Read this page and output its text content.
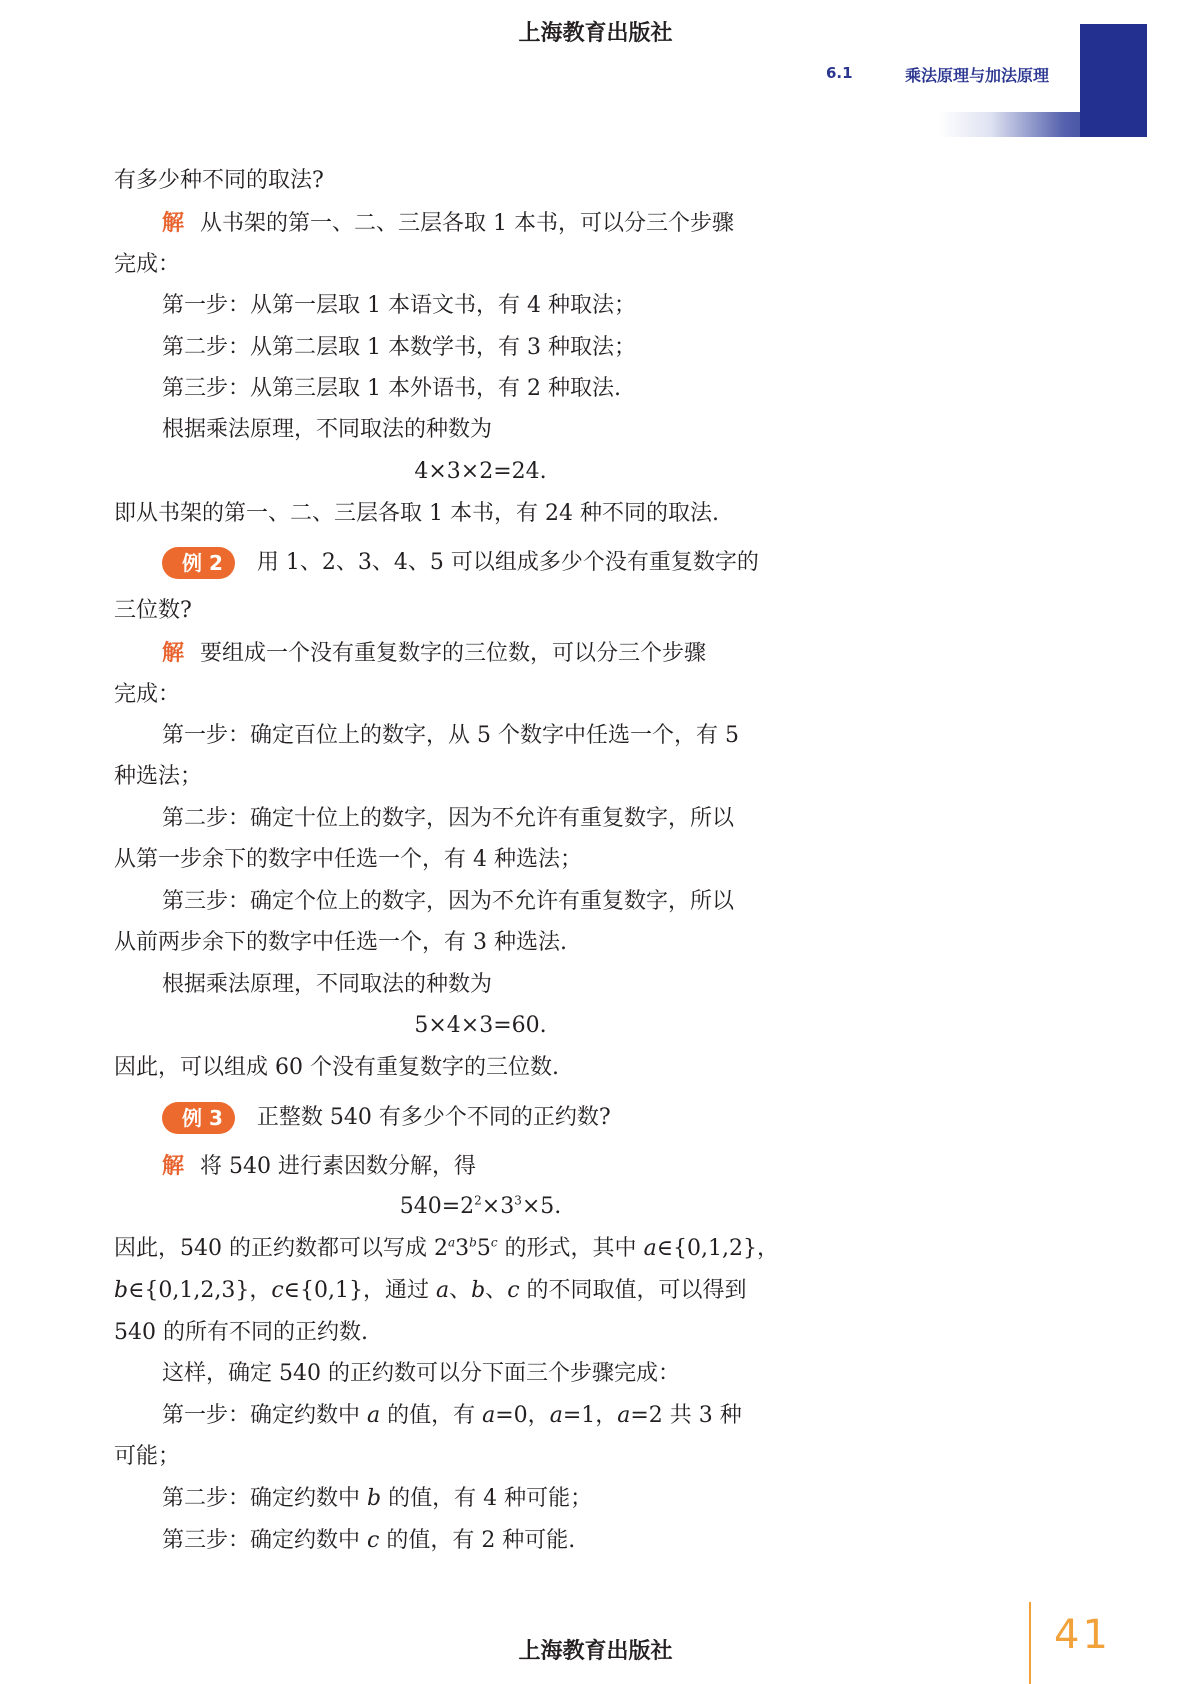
上海教育出版社
6.1	乘法原理与加法原理
有多少种不同的取法?
解 从书架的第一、二、三层各取 1 本书，可以分三个步骤
完成：
第一步：从第一层取 1 本语文书，有 4 种取法；
第二步：从第二层取 1 本数学书，有 3 种取法；
第三步：从第三层取 1 本外语书，有 2 种取法.
根据乘法原理，不同取法的种数为
4×3×2=24.
即从书架的第一、二、三层各取 1 本书，有 24 种不同的取法.
例 2 用 1、2、3、4、5 可以组成多少个没有重复数字的
三位数?
解 要组成一个没有重复数字的三位数，可以分三个步骤
完成：
第一步：确定百位上的数字，从 5 个数字中任选一个，有 5
种选法；
第二步：确定十位上的数字，因为不允许有重复数字，所以
从第一步余下的数字中任选一个，有 4 种选法；
第三步：确定个位上的数字，因为不允许有重复数字，所以
从前两步余下的数字中任选一个，有 3 种选法.
根据乘法原理，不同取法的种数为
5×4×3=60.
因此，可以组成 60 个没有重复数字的三位数.
例 3 正整数 540 有多少个不同的正约数?
解 将 540 进行素因数分解，得
$540=2^2\times 3^3\times 5$.
因此，540 的正约数都可以写成 2$^a$3$^b$5$^c$ 的形式，其中 a∈{0,1,2}，
b∈{0,1,2,3}，c∈{0,1}，通过 a、b、c 的不同取值，可以得到
540 的所有不同的正约数.
这样，确定 540 的正约数可以分下面三个步骤完成：
第一步：确定约数中 a 的值，有 a=0，a=1，a=2 共 3 种
可能；
第二步：确定约数中 b 的值，有 4 种可能；
第三步：确定约数中 c 的值，有 2 种可能.
41
上海教育出版社
